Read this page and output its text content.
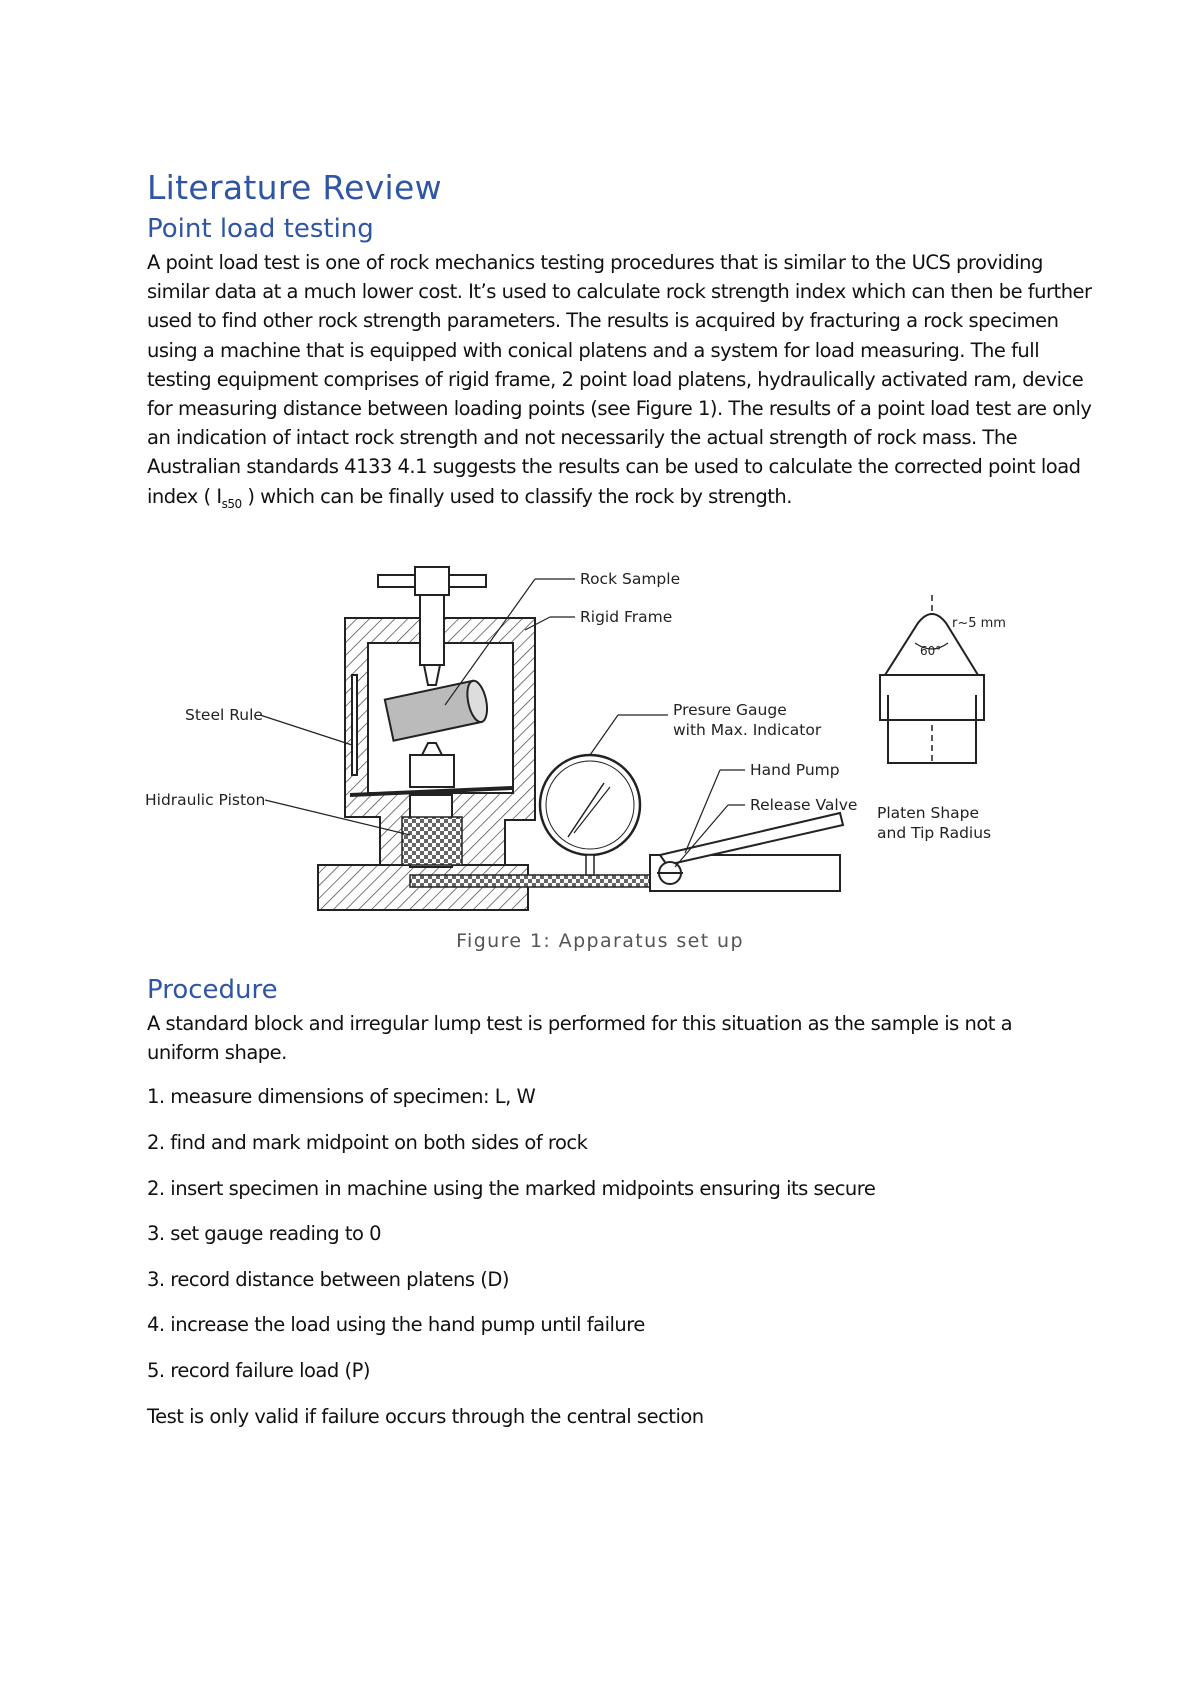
Literature Review
Point load testing
A point load test is one of rock mechanics testing procedures that is similar to the UCS providing
similar data at a much lower cost. It’s used to calculate rock strength index which can then be further
used to find other rock strength parameters. The results is acquired by fracturing a rock specimen
using a machine that is equipped with conical platens and a system for load measuring. The full
testing equipment comprises of rigid frame, 2 point load platens, hydraulically activated ram, device
for measuring distance between loading points (see Figure 1). The results of a point load test are only
an indication of intact rock strength and not necessarily the actual strength of rock mass. The
Australian standards 4133 4.1 suggests the results can be used to calculate the corrected point load
index ( $I_{s50}$ ) which can be finally used to classify the rock by strength.
Rock Sample
Rigid Frame
Steel Rule
Hidraulic Piston
Presure Gauge
with Max. Indicator
Hand Pump
Release Valve
r~5 mm
60°
Platen Shape
and Tip Radius
Figure 1: Apparatus set up
Procedure
A standard block and irregular lump test is performed for this situation as the sample is not a
uniform shape.

1. measure dimensions of specimen: L, W

2. find and mark midpoint on both sides of rock

2. insert specimen in machine using the marked midpoints ensuring its secure

3. set gauge reading to 0

3. record distance between platens (D)

4. increase the load using the hand pump until failure

5. record failure load (P)

Test is only valid if failure occurs through the central section
